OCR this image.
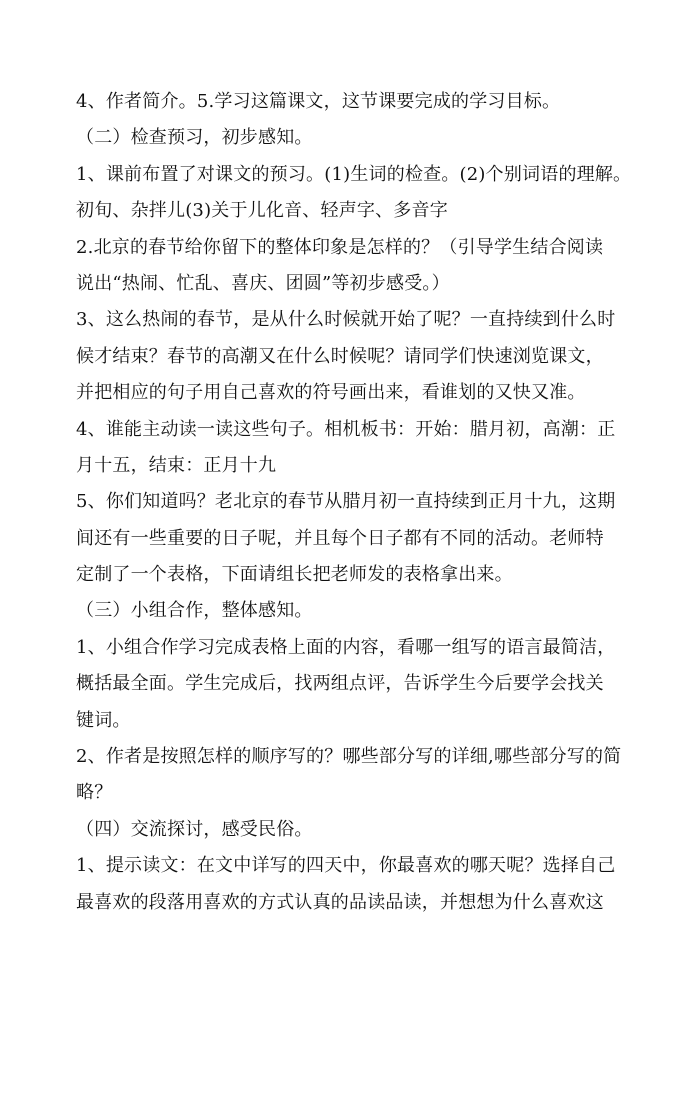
4、作者简介。5.学习这篇课文，这节课要完成的学习目标。

（二）检查预习，初步感知。

1、课前布置了对课文的预习。(1)生词的检查。(2)个别词语的理解。

初旬、杂拌儿(3)关于儿化音、轻声字、多音字

2.北京的春节给你留下的整体印象是怎样的？（引导学生结合阅读

说出“热闹、忙乱、喜庆、团圆”等初步感受。）

3、这么热闹的春节，是从什么时候就开始了呢？一直持续到什么时

候才结束？春节的高潮又在什么时候呢？请同学们快速浏览课文，

并把相应的句子用自己喜欢的符号画出来，看谁划的又快又准。

4、谁能主动读一读这些句子。相机板书：开始：腊月初，高潮：正

月十五，结束：正月十九

5、你们知道吗？老北京的春节从腊月初一直持续到正月十九，这期

间还有一些重要的日子呢，并且每个日子都有不同的活动。老师特

定制了一个表格，下面请组长把老师发的表格拿出来。

（三）小组合作，整体感知。

1、小组合作学习完成表格上面的内容，看哪一组写的语言最简洁，

概括最全面。学生完成后，找两组点评，告诉学生今后要学会找关

键词。

2、作者是按照怎样的顺序写的？哪些部分写的详细,哪些部分写的简

略？

（四）交流探讨，感受民俗。

1、提示读文：在文中详写的四天中，你最喜欢的哪天呢？选择自己

最喜欢的段落用喜欢的方式认真的品读品读，并想想为什么喜欢这
